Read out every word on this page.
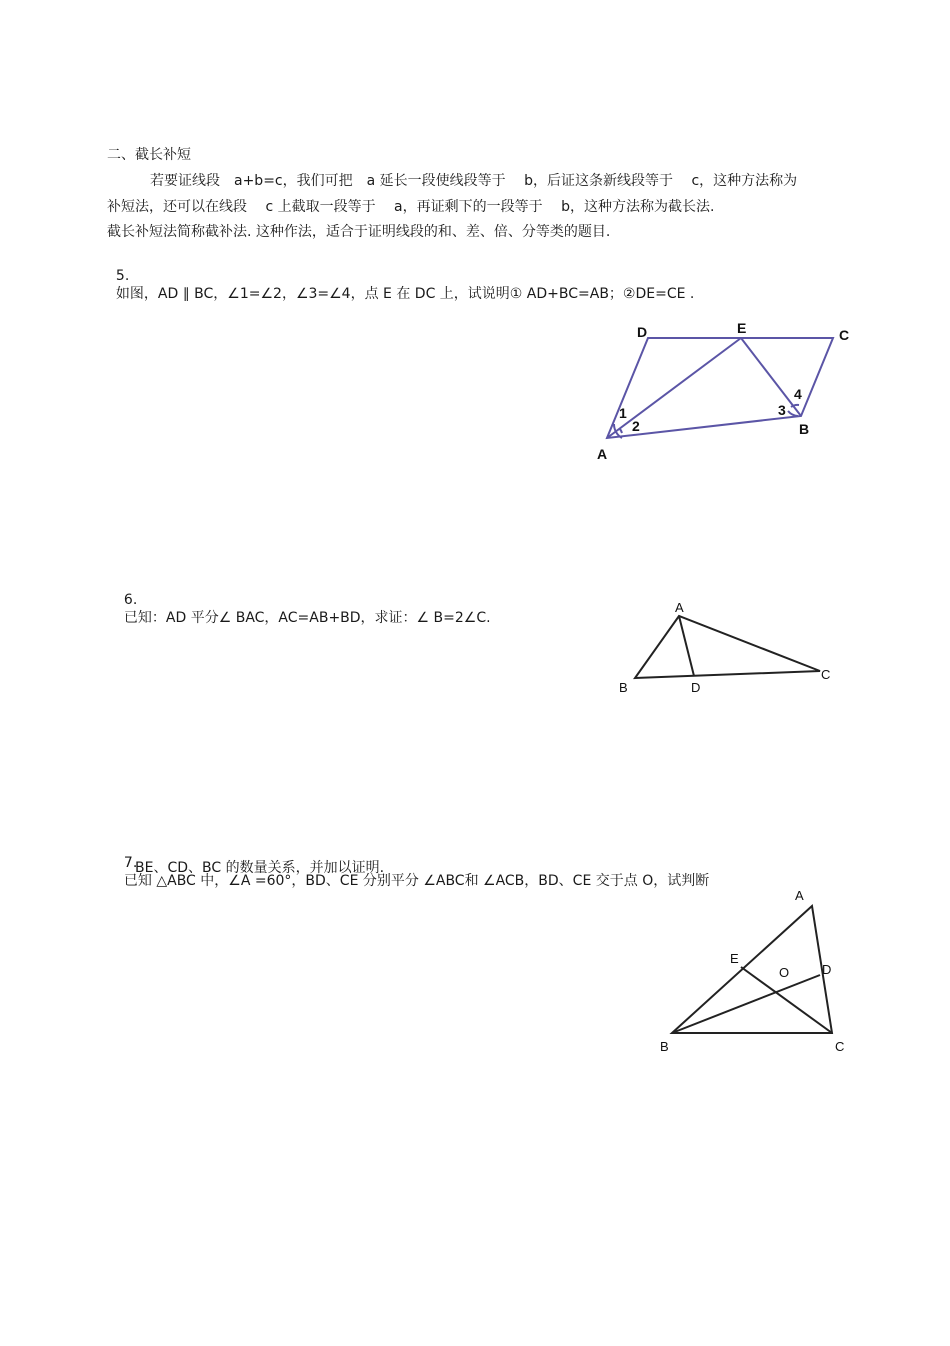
二、截长补短
若要证线段　a+b=c，我们可把　a 延长一段使线段等于　 b，后证这条新线段等于　 c，这种方法称为
补短法，还可以在线段　 c 上截取一段等于　 a，再证剩下的一段等于　 b，这种方法称为截长法.
截长补短法简称截补法. 这种作法，适合于证明线段的和、差、倍、分等类的题目.

5.
如图，AD ∥ BC，∠1=∠2，∠3=∠4，点 E 在 DC 上，试说明① AD+BC=AB；②DE=CE .

D	E	C
A
B
1
2
3
4

6.
已知：AD 平分∠ BAC，AC=AB+BD，求证：∠ B=2∠C.

A
B	D
C

7.
已知 △ABC 中，∠A =60°，BD、CE 分别平分 ∠ABC和 ∠ACB，BD、CE 交于点 O，试判断

BE、CD、BC 的数量关系，并加以证明.
A
E
O	D
B	C
